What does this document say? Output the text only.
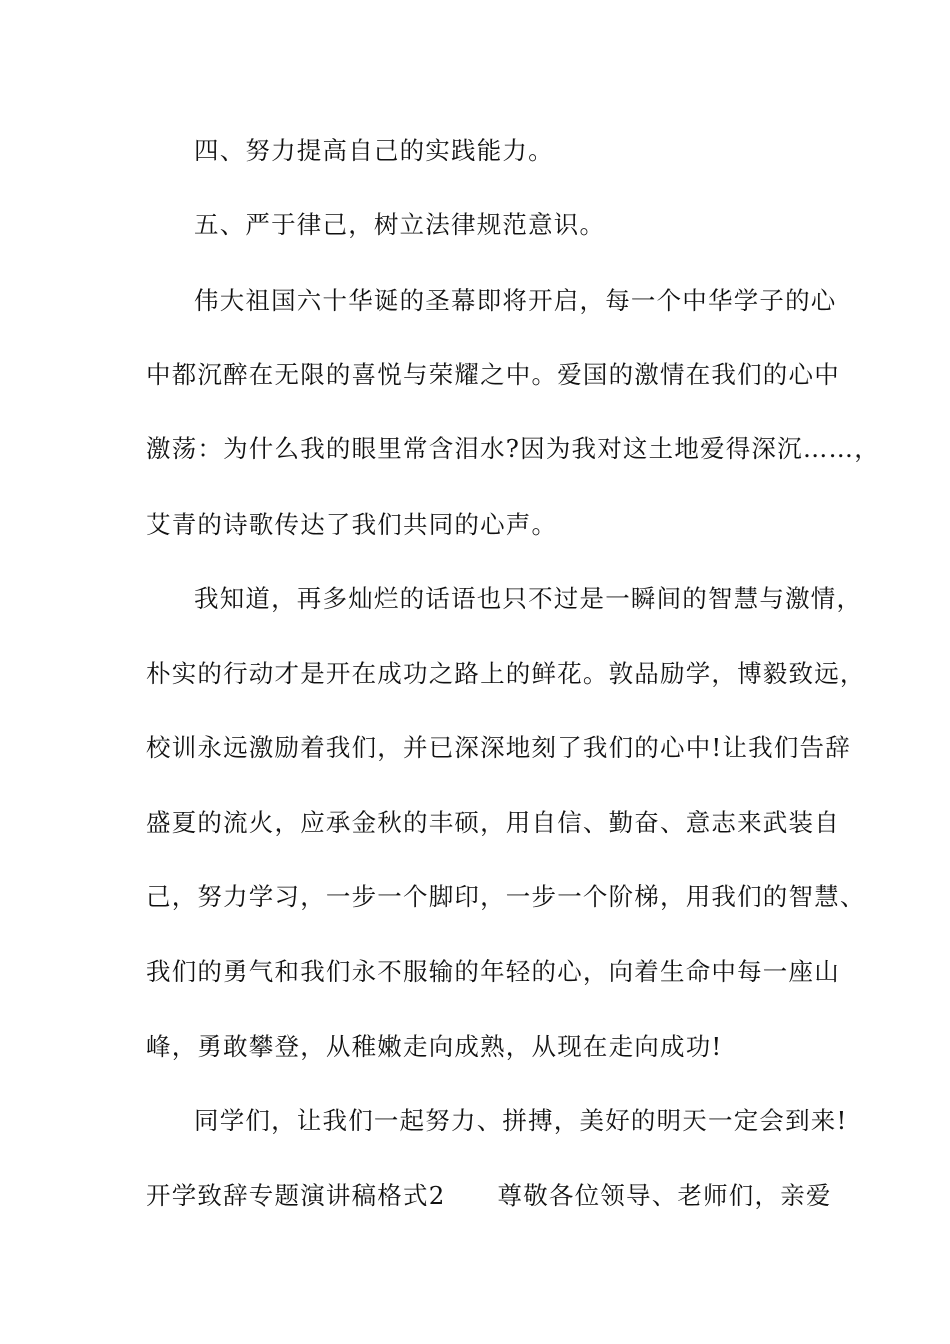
四、努力提高自己的实践能力。
五、严于律己，树立法律规范意识。
伟大祖国六十华诞的圣幕即将开启，每一个中华学子的心
中都沉醉在无限的喜悦与荣耀之中。爱国的激情在我们的心中
激荡：为什么我的眼里常含泪水?因为我对这土地爱得深沉……，
艾青的诗歌传达了我们共同的心声。
我知道，再多灿烂的话语也只不过是一瞬间的智慧与激情，
朴实的行动才是开在成功之路上的鲜花。敦品励学，博毅致远，
校训永远激励着我们，并已深深地刻了我们的心中!让我们告辞
盛夏的流火，应承金秋的丰硕，用自信、勤奋、意志来武装自
己，努力学习，一步一个脚印，一步一个阶梯，用我们的智慧、
我们的勇气和我们永不服输的年轻的心，向着生命中每一座山
峰，勇敢攀登，从稚嫩走向成熟，从现在走向成功!
同学们，让我们一起努力、拼搏，美好的明天一定会到来!
开学致辞专题演讲稿格式2 尊敬各位领导、老师们，亲爱
